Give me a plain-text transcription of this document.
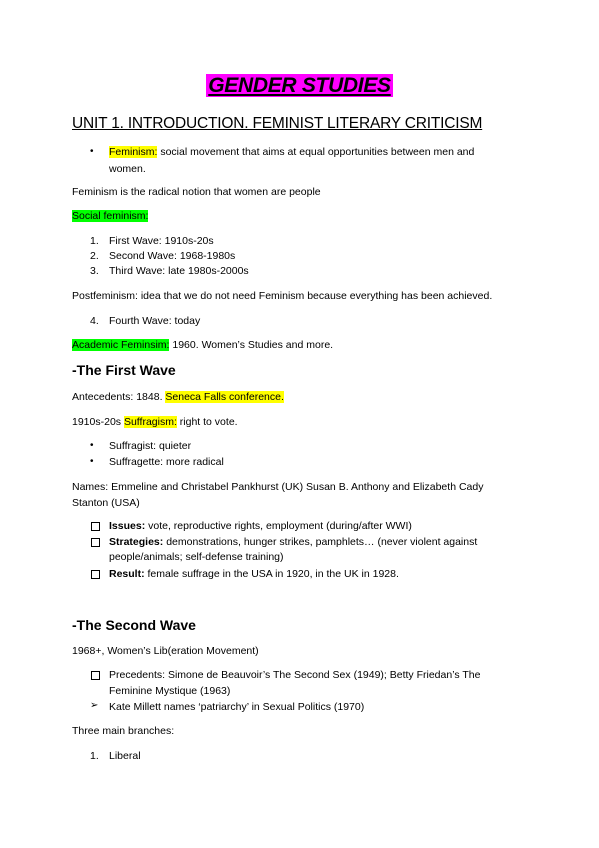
GENDER STUDIES
UNIT 1. INTRODUCTION. FEMINIST LITERARY CRITICISM
• Feminism: social movement that aims at equal opportunities between men and
women.
Feminism is the radical notion that women are people
Social feminism:
1. First Wave: 1910s-20s
2. Second Wave: 1968-1980s
3. Third Wave: late 1980s-2000s
Postfeminism: idea that we do not need Feminism because everything has been achieved.
4. Fourth Wave: today
Academic Feminsim: 1960. Women’s Studies and more.
-The First Wave
Antecedents: 1848. Seneca Falls conference.
1910s-20s Suffragism: right to vote.
• Suffragist: quieter
• Suffragette: more radical
Names: Emmeline and Christabel Pankhurst (UK) Susan B. Anthony and Elizabeth Cady
Stanton (USA)
Issues: vote, reproductive rights, employment (during/after WWI)
Strategies: demonstrations, hunger strikes, pamphlets… (never violent against
people/animals; self-defense training)
Result: female suffrage in the USA in 1920, in the UK in 1928.
-The Second Wave
1968+, Women’s Lib(eration Movement)
Precedents: Simone de Beauvoir’s The Second Sex (1949); Betty Friedan’s The
Feminine Mystique (1963)
➢ Kate Millett names ‘patriarchy’ in Sexual Politics (1970)
Three main branches:
1. Liberal
